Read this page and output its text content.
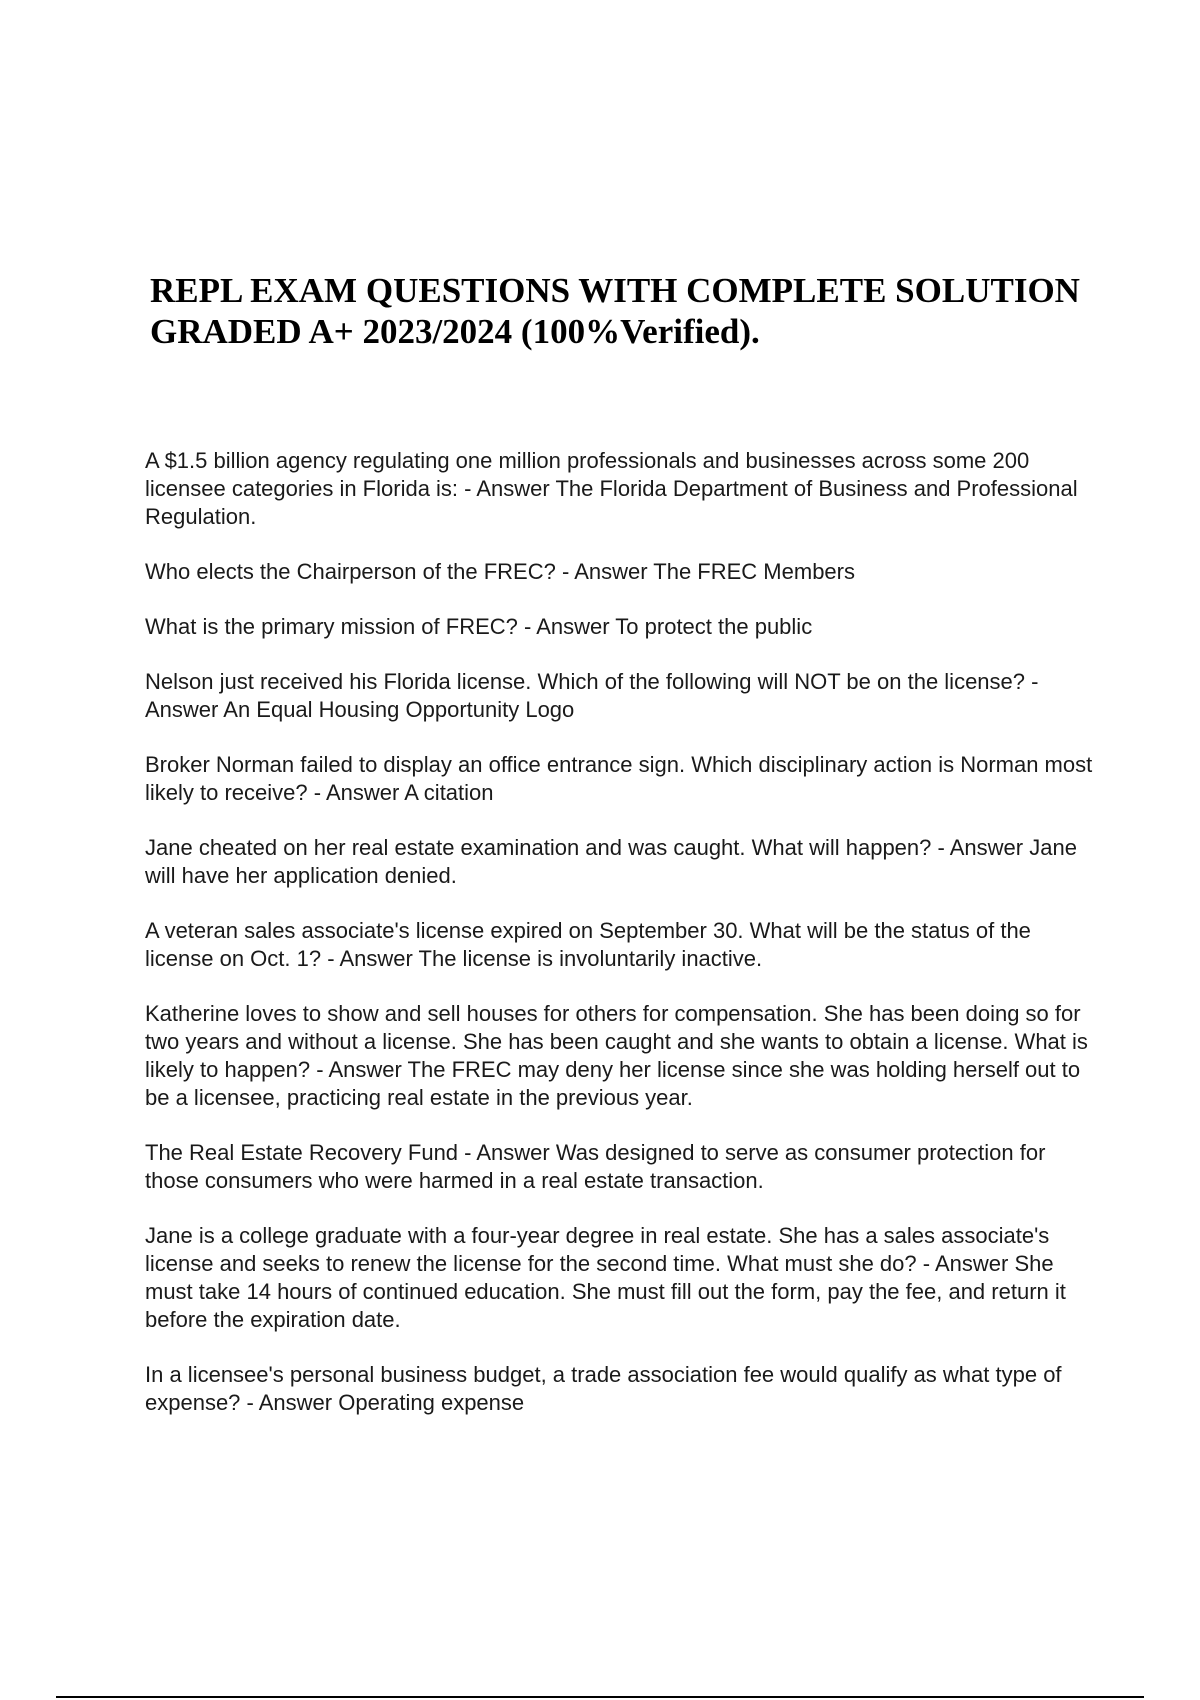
REPL EXAM QUESTIONS WITH COMPLETE SOLUTION
GRADED A+ 2023/2024 (100%Verified).

A $1.5 billion agency regulating one million professionals and businesses across some 200 licensee categories in Florida is: - Answer The Florida Department of Business and Professional Regulation.

Who elects the Chairperson of the FREC? - Answer The FREC Members

What is the primary mission of FREC? - Answer To protect the public

Nelson just received his Florida license. Which of the following will NOT be on the license? - Answer An Equal Housing Opportunity Logo

Broker Norman failed to display an office entrance sign. Which disciplinary action is Norman most likely to receive? - Answer A citation

Jane cheated on her real estate examination and was caught. What will happen? - Answer Jane will have her application denied.

A veteran sales associate's license expired on September 30. What will be the status of the license on Oct. 1? - Answer The license is involuntarily inactive.

Katherine loves to show and sell houses for others for compensation. She has been doing so for two years and without a license. She has been caught and she wants to obtain a license. What is likely to happen? - Answer The FREC may deny her license since she was holding herself out to be a licensee, practicing real estate in the previous year.

The Real Estate Recovery Fund - Answer Was designed to serve as consumer protection for those consumers who were harmed in a real estate transaction.

Jane is a college graduate with a four-year degree in real estate. She has a sales associate's license and seeks to renew the license for the second time. What must she do? - Answer She must take 14 hours of continued education. She must fill out the form, pay the fee, and return it before the expiration date.

In a licensee's personal business budget, a trade association fee would qualify as what type of expense? - Answer Operating expense
